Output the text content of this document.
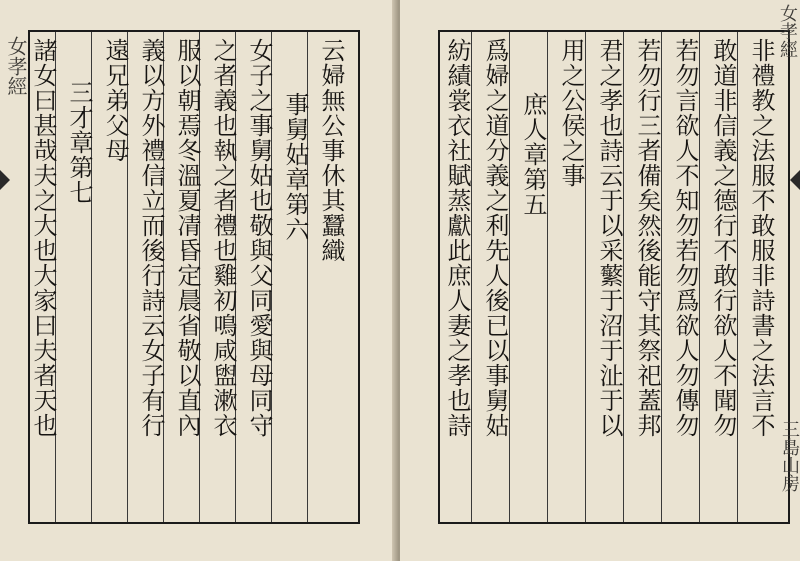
云婦無公事休其蠶織
事舅姑章第六
女子之事舅姑也敬與父同愛與母同守
之者義也執之者禮也雞初鳴咸盥漱衣
服以朝焉冬溫夏凊昏定晨省敬以直內
義以方外禮信立而後行詩云女子有行
遠兄弟父母
三才章第七
諸女曰甚哉夫之大也大家曰夫者天也
女孝經	非禮教之法服不敢服非詩書之法言不
敢道非信義之德行不敢行欲人不聞勿
若勿言欲人不知勿若勿爲欲人勿傳勿
若勿行三者備矣然後能守其祭祀蓋邦
君之孝也詩云于以采蘩于沼于沚于以
用之公侯之事
庶人章第五
爲婦之道分義之利先人後已以事舅姑
紡績裳衣社賦蒸獻此庶人妻之孝也詩
女孝經
三島山房
